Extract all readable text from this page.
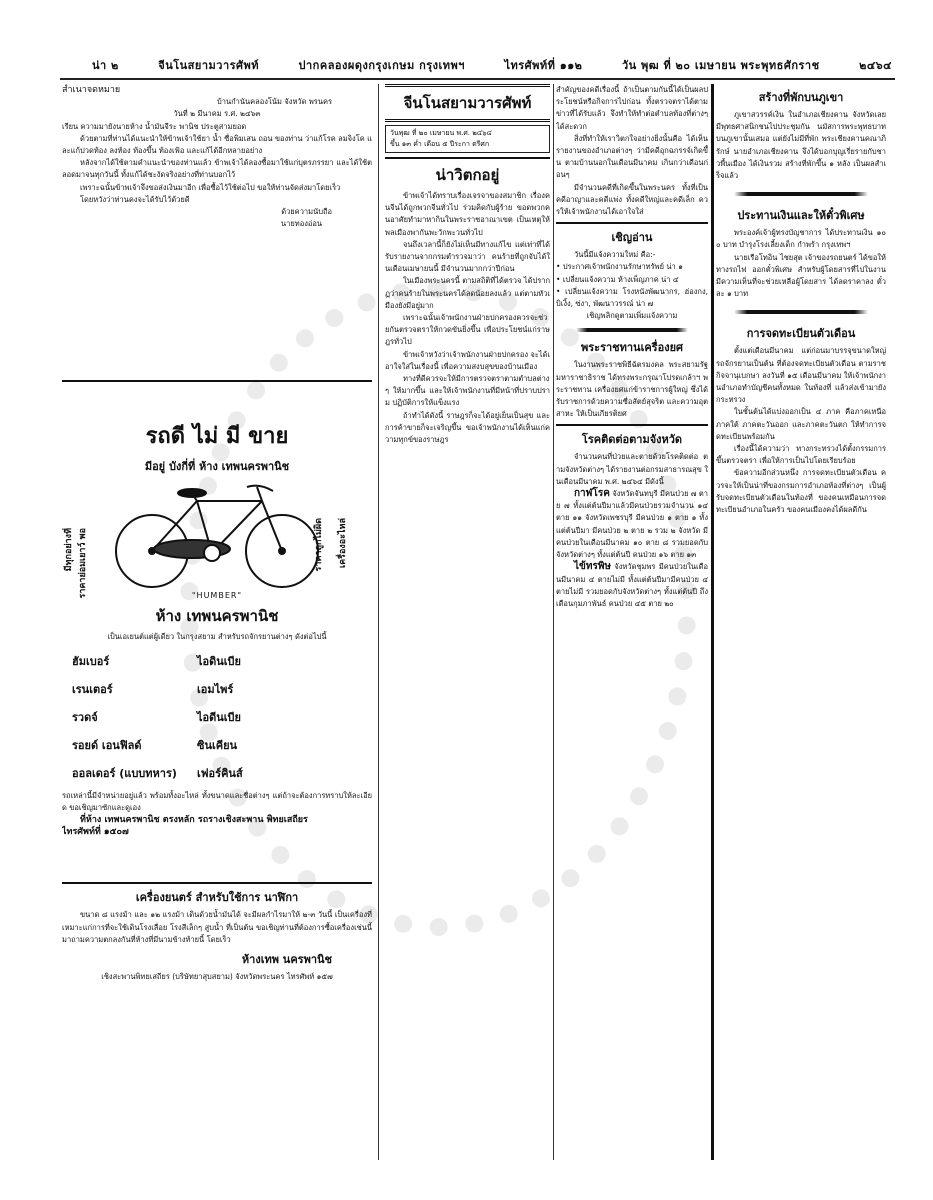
น่า ๒	จีนโนสยามวารศัพท์	ปากคลองผดุงกรุงเกษม กรุงเทพฯ	ไทรศัพท์ที่ ๑๑๒	วัน พุฒ ที่ ๒๐ เมษายน พระพุทธศักราช	๒๔๖๔

สำเนาจดหมาย

บ้านกำนันคลองโน้ม จังหวัด พรนคร

วันที่ ๒ มีนาคม ร.ศ. ๒๔๖๓

เรียน ความมายังนายห้าง น้ำมันจีระ พานิช ประตูสามยอด

ด้วยตามที่ท่านได้แนะนำให้ข้าพเจ้าใช้ยา น้ำ ซื่อพิมเสน ถอน ของท่าน ว่าแก้โรค ลมจิงโค และแก้ปวดท้อง ลงท้อง ท้องขึ้น ท้องเฟ้อ และแก้ได้อีกหลายอย่าง

หลังจากได้ใช้ตามคำแนะนำของท่านแล้ว ข้าพเจ้าได้ลองซื้อมาใช้แก่บุตรภรรยา และได้ใช้ตลอดมาจนทุกวันนี้ ทั้งแก้ได้ชะงัดจริงอย่างที่ท่านบอกไว้

เพราะฉนั้นข้าพเจ้าจึงขอส่งเงินมาอีก เพื่อซื้อไว้ใช้ต่อไป ขอให้ท่านจัดส่งมาโดยเร็ว

โดยหวังว่าท่านคงจะได้รับไว้ด้วยดี

ด้วยความนับถือ

นายทองอ่อน

รถดี ไม่ มี ขาย
มีอยู่ บังกี่ที่ ห้าง เทพนครพานิช
มีทุกอย่างที่ ราคาย่อมเยาว์ พอ	ราคาถูกไม่ผิด เครื่องอะไหล่
"HUMBER"
ห้าง เทพนครพานิช

เป็นเอเยนต์แต่ผู้เดียว ในกรุงสยาม สำหรับรถจักรยานต่างๆ ดังต่อไปนี้

ฮัมเบอร์	ไอดินเบีย
เรนเตอร์	เอมไพร์
รวดจ์	ไอดีนเบีย
รอยด์ เอนฟิลด์	ซินเคียน
ออลเดอร์ (แบบทหาร)	เฟอร์คินส์

รถเหล่านี้มีจำหน่ายอยู่แล้ว พร้อมทั้งอะไหล่ ทั้งขนาดและชื่อต่างๆ แต่ถ้าจะต้องการทราบให้ละเอียด ขอเชิญมาซักและดูเอง

ที่ห้าง เทพนครพานิช ตรงหลัก รถรางเชิงสะพาน พิทยเสถียร

ไทรศัพท์ที่ ๑๕๐๗

เครื่องยนตร์ สำหรับใช้การ นาฬิกา

ขนาด ๘ แรงม้า และ ๑๒ แรงม้า เดินด้วยน้ำมันได้ จะมีผลกำไรมาให้ ๒-๓ วันนี้ เป็นเครื่องที่เหมาะแก่การที่จะใช้เดินโรงเลื่อย โรงสีเล็กๆ สูบน้ำ ที่เป็นต้น ขอเชิญท่านที่ต้องการซื้อเครื่องเช่นนี้ มาถามความตกลงกันที่ห้างที่มีนามข้างท้ายนี้ โดยเร็ว

ห้างเทพ นครพานิช

เชิงสะพานพิทยเสถียร (บริษัทยาสุบสยาม) จังหวัดพระนคร ไทรศัพท์ ๑๕๗

จีนโนสยามวารศัพท์
วันพุฒ ที่ ๒๐ เมษายน พ.ศ. ๒๔๖๔
ขึ้น ๑๓ ค่ำ เดือน ๕ ปีระกา ตรีศก
น่าวิตกอยู่

ข้าพเจ้าได้ทราบเรื่องเจรจาของสมาชิก เรื่องคนจีนได้ถูกพวกจีนทั่วไป ร่วมคิดกับผู้ร้าย ขอดพวกคนอาศัยทำมาหากินในพระราชอาณาเขต เป็นเหตุให้พลเมืองพากันพะวักพะวนทั่วไป

จนถึงเวลานี้ก็ยังไม่เห็นมีทางแก้ไข แต่เท่าที่ได้รับรายงานจากกรมตำรวจมาว่า คนร้ายที่ถูกจับได้ในเดือนเมษายนนี้ มีจำนวนมากกว่าปีก่อน

ในเมืองพระนครนี้ ตามสถิติที่ได้ตรวจ ได้ปรากฏว่าคนร้ายในพระนครได้ลดน้อยลงแล้ว แต่ตามหัวเมืองยังมีอยู่มาก

เพราะฉนั้นเจ้าพนักงานฝ่ายปกครองควรจะช่วยกันตรวจตราให้กวดขันยิ่งขึ้น เพื่อประโยชน์แก่ราษฎรทั่วไป

ข้าพเจ้าหวังว่าเจ้าพนักงานฝ่ายปกครอง จะได้เอาใจใส่ในเรื่องนี้ เพื่อความสงบสุขของบ้านเมือง

ทางที่ดีควรจะให้มีการตรวจตราตามตำบลต่างๆ ให้มากขึ้น และให้เจ้าพนักงานที่มีหน้าที่ปราบปราม ปฏิบัติการให้แข็งแรง

ถ้าทำได้ดังนี้ ราษฎรก็จะได้อยู่เย็นเป็นสุข และการค้าขายก็จะเจริญขึ้น ขอเจ้าพนักงานได้เห็นแก่ความทุกข์ของราษฎร

สำคัญของคดีเรื่องนี้ ถ้าเป็นตามกันนี้ได้เป็นผลประโยชน์หรือกิจการไปก่อน ทั้งตรวจตราได้ตามข่าวที่ได้รับแล้ว จึงทำให้ทำต่อตำบลท้องที่ต่างๆ ได้สะดวก

สิ่งที่ทำให้เราวิตกใจอย่างยิ่งนั้นคือ ได้เห็นรายงานของอำเภอต่างๆ ว่ามีคดีอุกฉกรรจ์เกิดขึ้น ตามบ้านนอกในเดือนมีนาคม เกินกว่าเดือนก่อนๆ

มีจำนวนคดีที่เกิดขึ้นในพระนคร ทั้งที่เป็นคดีอาญาและคดีแพ่ง ทั้งคดีใหญ่และคดีเล็ก ควรให้เจ้าพนักงานได้เอาใจใส่

เชิญอ่าน

วันนี้มีแจ้งความใหม่ คือ:-

• ประกาศเจ้าพนักงานรักษาทรัพย์ น่า ๑

• เปลี่ยนแจ้งความ ห้างเพ็ญภาค น่า ๔

• เปลี่ยนแจ้งความ โรงหนังพัฒนากร, ฮ่องกง, บิเงิ้ง, ซ่งา, พัฒนาวรรณ์ น่า ๗

เชิญพลิกดูตามเพิ่มแจ้งความ

พระราชทานเครื่องยศ

ในงานพระราชพิธีฉัตรมงคล พระสยามรัฐ มหาราชาธิราช ได้ทรงพระกรุณาโปรดเกล้าฯ พระราชทาน เครื่องยศแก่ข้าราชการผู้ใหญ่ ซึ่งได้รับราชการด้วยความซื่อสัตย์สุจริต และความอุตสาหะ ให้เป็นเกียรติยศ

โรคติดต่อตามจังหวัด

จำนวนคนที่ป่วยและตายด้วยโรคติดต่อ ตามจังหวัดต่างๆ ได้รายงานต่อกรมสาธารณสุข ในเดือนมีนาคม พ.ศ. ๒๔๖๔ มีดังนี้

กาฬโรค จังหวัดจันทบุรี มีคนป่วย ๗ ตาย ๗ ทั้งแต่ต้นปีมาแล้วมีคนป่วยรวมจำนวน ๑๔ ตาย ๑๑ จังหวัดเพชรบุรี มีคนป่วย ๑ ตาย ๑ ทั้งแต่ต้นปีมา มีคนป่วย ๒ ตาย ๒ รวม ๒ จังหวัด มีคนป่วยในเดือนมีนาคม ๑๐ ตาย ๘ รวมยอดกับจังหวัดต่างๆ ทั้งแต่ต้นปี คนป่วย ๑๖ ตาย ๑๓

ไข้ทรพิษ จังหวัดชุมพร มีคนป่วยในเดือนมีนาคม ๔ ตายไม่มี ทั้งแต่ต้นปีมามีคนป่วย ๔ ตายไม่มี รวมยอดกับจังหวัดต่างๆ ทั้งแต่ต้นปี ถึงเดือนกุมภาพันธ์ คนป่วย ๔๕ ตาย ๒๐

สร้างที่พักบนภูเขา

ภูเขาสวรรค์เงิน ในอำเภอเชียงคาน จังหวัดเลย มีพุทธศาสนิกชนไปประชุมกัน นมัสการพระพุทธบาท บนภูเขานั้นเสมอ แต่ยังไม่มีที่พัก พระเชียงคานคณาภิรักษ์ นายอำเภอเชียงคาน จึงได้บอกบุญเรี่ยรายกับชาวพื้นเมือง ได้เงินรวม สร้างที่พักขึ้น ๑ หลัง เป็นผลสำเร็จแล้ว

ประทานเงินและให้ตั๋วพิเศษ

พระองค์เจ้าผู้ทรงบัญชาการ ได้ประทานเงิน ๑๐๐ บาท บำรุงโรงเลี้ยงเด็ก กำพร้า กรุงเทพฯ

นายเรือโทอิน ไชยสุต เจ้าของรถยนตร์ ได้ขอให้ทางรถไฟ ออกตั๋วพิเศษ สำหรับผู้โดยสารที่ไปในงาน มีความเห็นที่จะช่วยเหลือผู้โดยสาร ได้ลดราคาลง ตั๋วละ ๑ บาท

การจดทะเบียนตัวเดือน

ตั้งแต่เดือนมีนาคม แต่ก่อนมาบรรจุขนาดใหญ่ รถจักรยานเป็นต้น ที่ต้องจดทะเบียนตัวเดือน ตามราชกิจจานุเบกษา ลงวันที่ ๑๕ เดือนมีนาคม ให้เจ้าพนักงานอำเภอทำบัญชีคนทั้งหมด ในท้องที่ แล้วส่งเข้ามายังกระทรวง

ในชั้นต้นได้แบ่งออกเป็น ๔ ภาค คือภาคเหนือ ภาคใต้ ภาคตะวันออก และภาคตะวันตก ให้ทำการจดทะเบียนพร้อมกัน

เรื่องนี้ได้ความว่า ทางกระทรวงได้ตั้งกรรมการขึ้นตรวจตรา เพื่อให้การเป็นไปโดยเรียบร้อย

ข้อความอีกส่วนหนึ่ง การจดทะเบียนตัวเดือน ควรจะให้เป็นน่าที่ของกรมการอำเภอท้องที่ต่างๆ เป็นผู้รับจดทะเบียนตัวเดือนในท้องที่ ของคนเหมือนการจดทะเบียนอำเภอในครัว ของคนเมืองคงได้ผลดีกัน
